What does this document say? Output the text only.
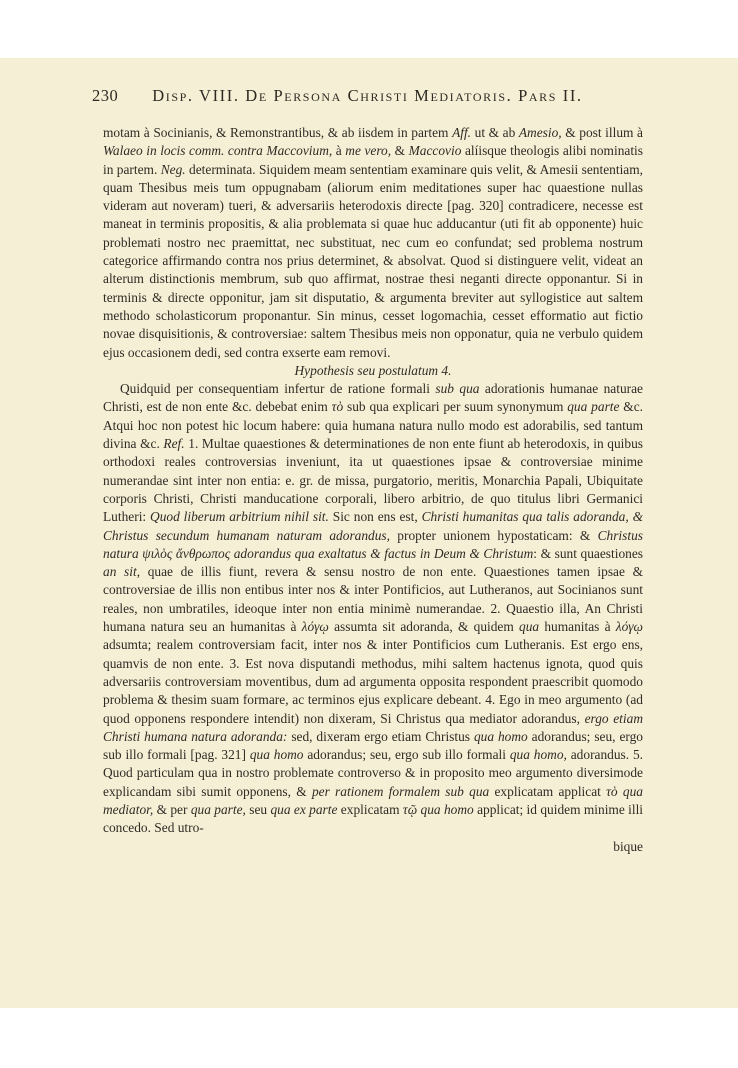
230 Disp. VIII. De Personа Christi Mediatoris. Pars II.

motam à Socinianis, & Remonstrantibus, & ab iisdem in partem Aff. ut & ab Amesio, & post illum à Walaeo in locis comm. contra Maccovium, à me vero, & Maccovio alíisque theologis alibi nominatis in partem. Neg. determinata. Siquidem meam sententiam examinare quis velit, & Amesii sententiam, quam Thesibus meis tum oppugnabam (aliorum enim meditationes super hac quaestione nullas videram aut noveram) tueri, & adversariis heterodoxis directe [pag. 320] contradicere, necesse est maneat in terminis propositis, & alia problemata si quae huc adducantur (uti fit ab opponente) huic problemati nostro nec praemittat, nec substituat, nec cum eo confundat; sed problema nostrum categorice affirmando contra nos prius determinet, & absolvat. Quod si distinguere velit, videat an alterum distinctionis membrum, sub quo affirmat, nostrae thesi neganti directe opponantur. Si in terminis & directe opponitur, jam sit disputatio, & argumenta breviter aut syllogistice aut saltem methodo scholasticorum proponantur. Sin minus, cesset logomachia, cesset efformatio aut fictio novae disquisitionis, & controversiae: saltem Thesibus meis non opponatur, quia ne verbulo quidem ejus occasionem dedi, sed contra exserte eam removi.

Hypothesis seu postulatum 4.

Quidquid per consequentiam infertur de ratione formali sub qua adorationis humanae naturae Christi, est de non ente &c. debebat enim τὸ sub qua explicari per suum synonymum qua parte &c. Atqui hoc non potest hic locum habere: quia humana natura nullo modo est adorabilis, sed tantum divina &c. Ref. 1. Multae quaestiones & determinationes de non ente fiunt ab heterodoxis, in quibus orthodoxi reales controversias inveniunt, ita ut quaestiones ipsae & controversiae minime numerandae sint inter non entia: e. gr. de missa, purgatorio, meritis, Monarchia Papali, Ubiquitate corporis Christi, Christi manducatione corporali, libero arbitrio, de quo titulus libri Germanici Lutheri: Quod liberum arbitrium nihil sit. Sic non ens est, Christi humanitas qua talis adoranda, & Christus secundum humanam naturam adorandus, propter unionem hypostaticam: & Christus natura ψιλὸς ἄνθρωπος adorandus qua exaltatus & factus in Deum & Christum: & sunt quaestiones an sit, quae de illis fiunt, revera & sensu nostro de non ente. Quaestiones tamen ipsae & controversiae de illis non entibus inter nos & inter Pontificios, aut Lutheranos, aut Socinianos sunt reales, non umbratiles, ideoque inter non entia minimè numerandae. 2. Quaestio illa, An Christi humana natura seu an humanitas à λόγῳ assumta sit adoranda, & quidem qua humanitas à λόγῳ adsumta; realem controversiam facit, inter nos & inter Pontificios cum Lutheranis. Est ergo ens, quamvis de non ente. 3. Est nova disputandi methodus, mihi saltem hactenus ignota, quod quis adversariis controversiam moventibus, dum ad argumenta opposita respondent praescribit quomodo problema & thesim suam formare, ac terminos ejus explicare debeant. 4. Ego in meo argumento (ad quod opponens respondere intendit) non dixeram, Si Christus qua mediator adorandus, ergo etiam Christi humana natura adoranda: sed, dixeram ergo etiam Christus qua homo adorandus; seu, ergo sub illo formali [pag. 321] qua homo adorandus; seu, ergo sub illo formali qua homo, adorandus. 5. Quod particulam qua in nostro problemate controverso & in proposito meo argumento diversimode explicandam sibi sumit opponens, & per rationem formalem sub qua explicatam applicat τὸ qua mediator, & per qua parte, seu qua ex parte explicatam τῷ qua homo applicat; id quidem minime illi concedo. Sed utro-

bique
